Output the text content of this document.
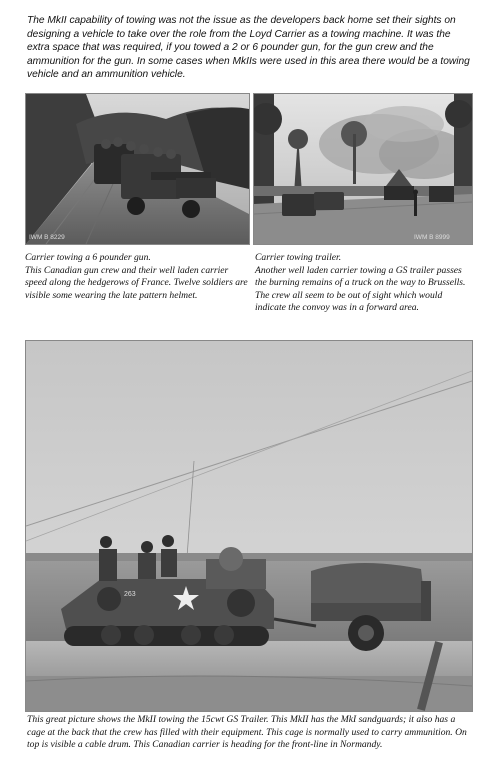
The MkII capability of towing was not the issue as the developers back home set their sights on designing a vehicle to take over the role from the Loyd Carrier as a towing machine. It was the extra space that was required, if you towed a 2 or 6 pounder gun, for the gun crew and the ammunition for the gun. In some cases when MkIIs were used in this area there would be a towing vehicle and an ammunition vehicle.
IWM B 8229	IWM B 8999
Carrier towing a 6 pounder gun.
This Canadian gun crew and their well laden carrier speed along the hedgerows of France. Twelve soldiers are visible some wearing the late pattern helmet.
Carrier towing trailer.
Another well laden carrier towing a GS trailer passes the burning remains of a truck on the way to Brussells. The crew all seem to be out of sight which would indicate the convoy was in a forward area.
263
This great picture shows the MkII towing the 15cwt GS Trailer. This MkII has the MkI sandguards; it also has a cage at the back that the crew has filled with their equipment. This cage is normally used to carry ammunition. On top is visible a cable drum. This Canadian carrier is heading for the front-line in Normandy.
